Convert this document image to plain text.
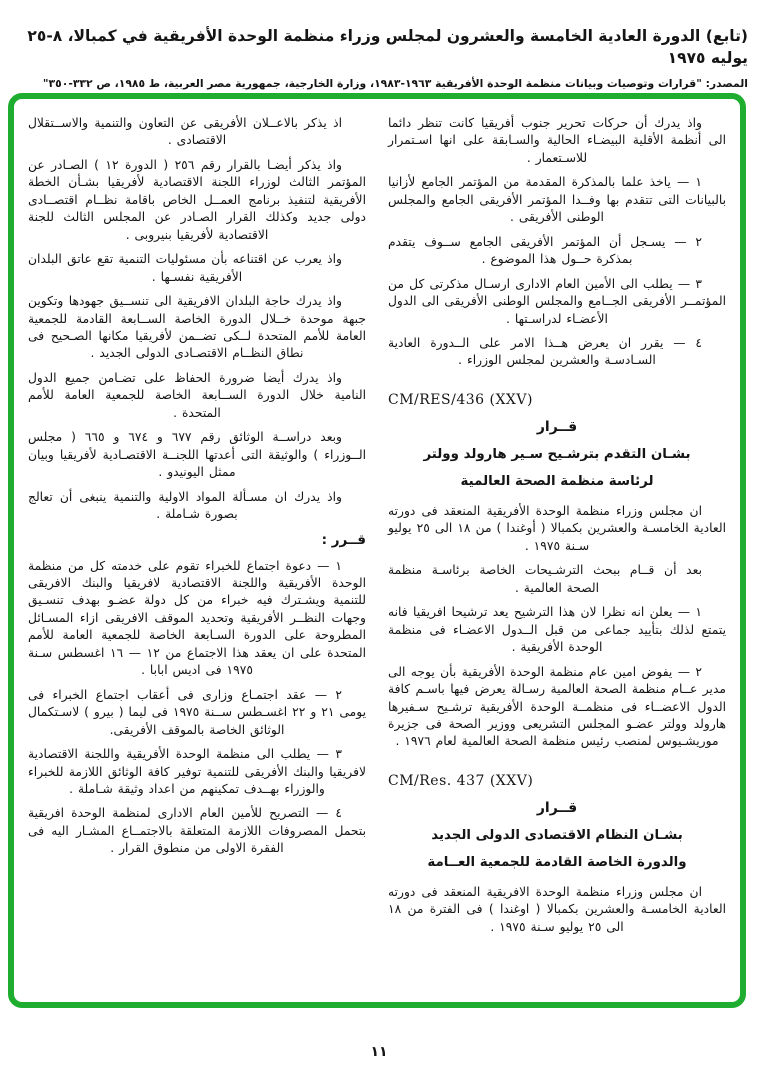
(تابع) الدورة العادية الخامسة والعشرون لمجلس وزراء منظمة الوحدة الأفريقية في كمبالا، ٨-٢٥ يوليه ١٩٧٥
المصدر: "قرارات وتوصيات وبيانات منظمة الوحدة الأفريقية ١٩٦٣-١٩٨٣، وزارة الخارجية، جمهورية مصر العربية، ط ١٩٨٥، ص ٣٣٢-٣٥٠"

واذ يدرك أن حركات تحرير جنوب أفريقيا كانت تنظر دائما الى أنظمة الأقلية البيضـاء الحالية والسـابقة على انها اسـتمرار للاسـتعمار .

١ — ياخذ علما بالمذكرة المقدمة من المؤتمر الجامع لأزانيا بالبيانات التى تتقدم بها وفــدا المؤتمر الأفريقى الجامع والمجلس الوطنى الأفريقى .

٢ — يسـجل أن المؤتمر الأفريقى الجامع ســوف يتقدم بمذكرة حــول هذا الموضوع .

٣ — يطلب الى الأمين العام الادارى ارسـال مذكرتى كل من المؤتمــر الأفريقى الجــامع والمجلس الوطنى الأفريقى الى الدول الأعضـاء لدراسـتها .

٤ — يقرر ان يعرض هــذا الامر على الــدورة العادية السـادسـة والعشرين لمجلس الوزراء .

CM/RES/436 (XXV)

قــرار

بشـان التقدم بترشـيح سـير هارولد وولتر

لرئاسة منظمة الصحة العالمية

ان مجلس وزراء منظمة الوحدة الأفريقية المنعقد فى دورته العادية الخامسـة والعشرين بكمبالا ( أوغندا ) من ١٨ الى ٢٥ يوليو سـنة ١٩٧٥ .

بعد أن قــام ببحث الترشـيحات الخاصة برئاسـة منظمة الصحة العالمية .

١ — يعلن انه نظرا لان هذا الترشيح يعد ترشيحا افريقيا فانه يتمتع لذلك بتأييد جماعى من قبل الــدول الاعضـاء فى منظمة الوحدة الأفريقية .

٢ — يفوض امين عام منظمة الوحدة الأفريقية بأن يوجه الى مدير عــام منظمة الصحة العالمية رسـالة يعرض فيها باسـم كافة الدول الاعضــاء فى منظمــة الوحدة الأفريقية ترشـيح سـفيرها هارولد وولتر عضـو المجلس التشريعى ووزير الصحة فى جزيرة موريشـيوس لمنصب رئيس منظمة الصحة العالمية لعام ١٩٧٦ .

CM/Res. 437 (XXV)

قــرار

بشـان النظام الاقتصادى الدولى الجديد

والدورة الخاصة القادمة للجمعية العــامة

ان مجلس وزراء منظمة الوحدة الافريقية المنعقد فى دورته العادية الخامسـة والعشرين بكمبالا ( اوغندا ) فى الفترة من ١٨ الى ٢٥ يوليو سـنة ١٩٧٥ .

اذ يذكر بالاعــلان الأفريقى عن التعاون والتنمية والاســتقلال الاقتصادى .

واذ يذكر أيضـا بالقرار رقم ٢٥٦ ( الدورة ١٢ ) الصـادر عن المؤتمر الثالث لوزراء اللجنة الاقتصادية لأفريقيا بشـأن الخطة الأفريقية لتنفيذ برنامج العمــل الخاص باقامة نظــام اقتصــادى دولى جديد وكذلك القرار الصـادر عن المجلس الثالث للجنة الاقتصادية لأفريقيا بنيروبى .

واذ يعرب عن اقتناعه بأن مسئوليات التنمية تقع عاتق البلدان الأفريقية نفسـها .

واذ يدرك حاجة البلدان الافريقية الى تنســيق جهودها وتكوين جبهة موحدة خــلال الدورة الخاصة الســابعة القادمة للجمعية العامة للأمم المتحدة لــكى تضــمن لأفريقيا مكانها الصـحيح فى نطاق النظــام الاقتصـادى الدولى الجديد .

واذ يدرك أيضا ضرورة الحفاظ على تضـامن جميع الدول النامية خلال الدورة الســابعة الخاصة للجمعية العامة للأمم المتحدة .

وبعد دراســة الوثائق رقم ٦٧٧ و ٦٧٤ و ٦٦٥ ( مجلس الــوزراء ) والوثيقة التى أعدتها اللجنــة الاقتصـادية لأفريقيا وبيان ممثل اليونيدو .

واذ يدرك ان مسـألة المواد الاولية والتنمية ينبغى أن تعالج بصورة شـاملة .

قــرر :

١ — دعوة اجتماع للخبراء تقوم على خدمته كل من منظمة الوحدة الأفريقية واللجنة الاقتصادية لافريقيا والبنك الافريقى للتنمية ويشـترك فيه خبراء من كل دولة عضـو بهدف تنسـيق وجهات النظــر الأفريقية وتحديد الموقف الافريقى ازاء المسـائل المطروحة على الدورة السـابعة الخاصة للجمعية العامة للأمم المتحدة على ان يعقد هذا الاجتماع من ١٢ — ١٦ اغسطس سـنة ١٩٧٥ فى اديس ابابا .

٢ — عقد اجتمـاع وزارى فى أعقاب اجتماع الخبراء فى يومى ٢١ و ٢٢ اغسـطس ســنة ١٩٧٥ فى ليما ( بيرو ) لاسـتكمال الوثائق الخاصة بالموقف الأفريقى.

٣ — يطلب الى منظمة الوحدة الأفريقية واللجنة الاقتصادية لافريقيا والبنك الأفريقى للتنمية توفير كافة الوثائق اللازمة للخبراء والوزراء بهــدف تمكينهم من اعداد وثيقة شـاملة .

٤ — التصريح للأمين العام الادارى لمنظمة الوحدة افريقية بتحمل المصروفات اللازمة المتعلقة بالاجتمــاع المشـار اليه فى الفقرة الاولى من منطوق القرار .

١١
